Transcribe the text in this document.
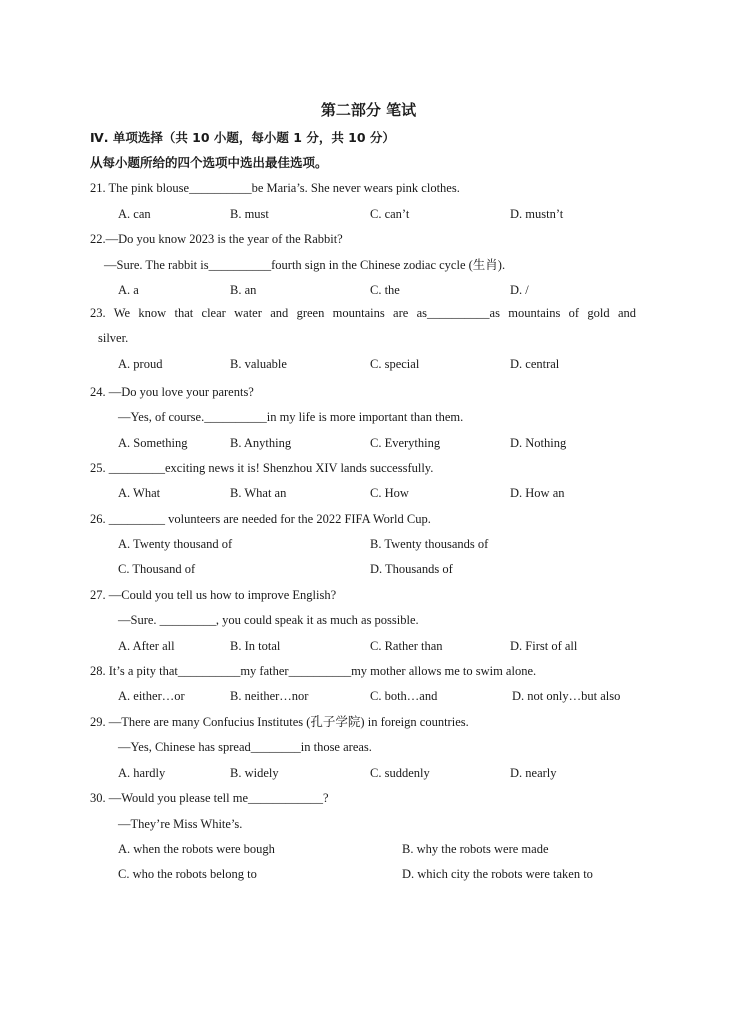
第二部分 笔试
Ⅳ. 单项选择（共 10 小题，每小题 1 分，共 10 分）
从每小题所给的四个选项中选出最佳选项。
21. The pink blouse__________be Maria’s. She never wears pink clothes.
A. can	B. must	C. can’t	D. mustn’t
22.—Do you know 2023 is the year of the Rabbit?
—Sure. The rabbit is__________fourth sign in the Chinese zodiac cycle (生肖).
A. a	B. an	C. the	D. /
23. We know that clear water and green mountains are as__________as mountains of gold and
silver.
A. proud	B. valuable	C. special	D. central
24. —Do you love your parents?
—Yes, of course.__________in my life is more important than them.
A. Something	B. Anything	C. Everything	D. Nothing
25. _________exciting news it is! Shenzhou XIV lands successfully.
A. What	B. What an	C. How	D. How an
26. _________ volunteers are needed for the 2022 FIFA World Cup.
A. Twenty thousand of	B. Twenty thousands of
C. Thousand of	D. Thousands of
27. —Could you tell us how to improve English?
—Sure. _________, you could speak it as much as possible.
A. After all	B. In total	C. Rather than	D. First of all
28. It’s a pity that__________my father__________my mother allows me to swim alone.
A. either…or	B. neither…nor	C. both…and	D. not only…but also
29. —There are many Confucius Institutes (孔子学院) in foreign countries.
—Yes, Chinese has spread________in those areas.
A. hardly	B. widely	C. suddenly	D. nearly
30. —Would you please tell me____________?
—They’re Miss White’s.
A. when the robots were bough	B. why the robots were made
C. who the robots belong to	D. which city the robots were taken to
